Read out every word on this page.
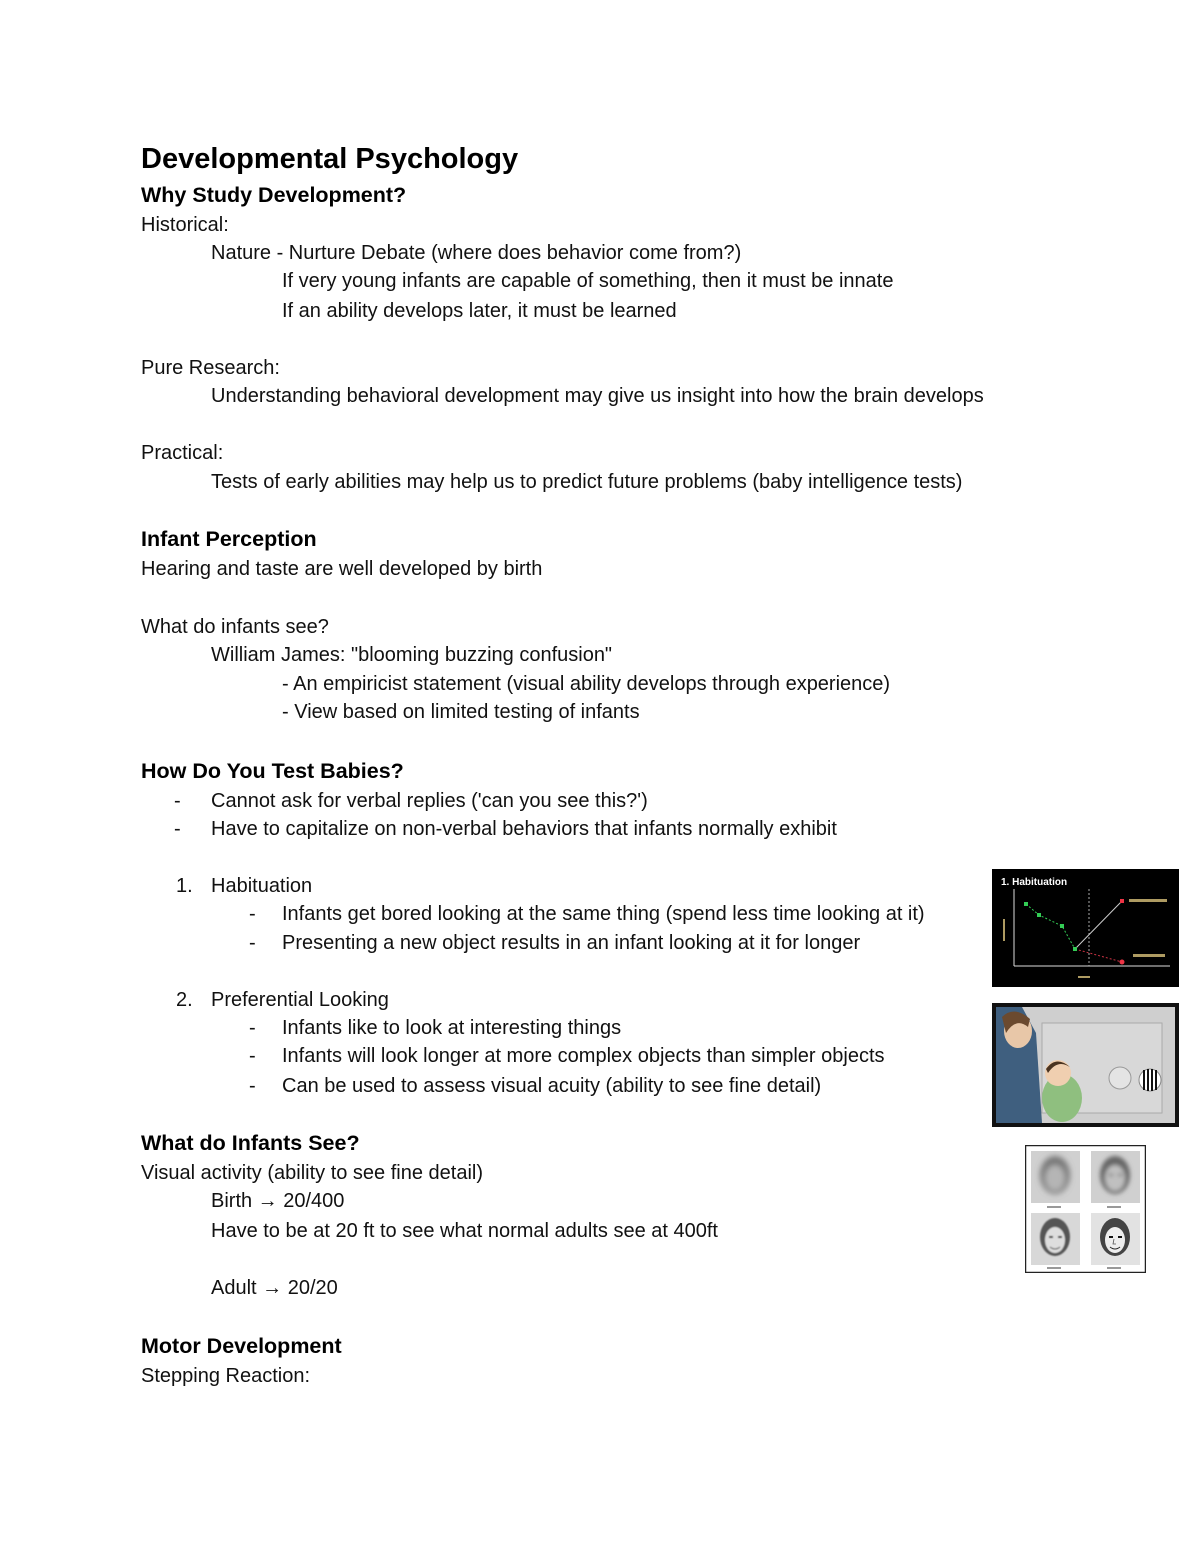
Developmental Psychology
Why Study Development?
Historical:
Nature - Nurture Debate (where does behavior come from?)
If very young infants are capable of something, then it must be innate
If an ability develops later, it must be learned
Pure Research:
Understanding behavioral development may give us insight into how the brain develops
Practical:
Tests of early abilities may help us to predict future problems (baby intelligence tests)
Infant Perception
Hearing and taste are well developed by birth
What do infants see?
William James: "blooming buzzing confusion"
- An empiricist statement (visual ability develops through experience)
- View based on limited testing of infants
How Do You Test Babies?
- Cannot ask for verbal replies ('can you see this?')
- Have to capitalize on non-verbal behaviors that infants normally exhibit
1. Habituation
- Infants get bored looking at the same thing (spend less time looking at it)
- Presenting a new object results in an infant looking at it for longer
2. Preferential Looking
- Infants like to look at interesting things
- Infants will look longer at more complex objects than simpler objects
- Can be used to assess visual acuity (ability to see fine detail)
What do Infants See?
Visual activity (ability to see fine detail)
Birth → 20/400
Have to be at 20 ft to see what normal adults see at 400ft
Adult → 20/20
Motor Development
Stepping Reaction:
1. Habituation
